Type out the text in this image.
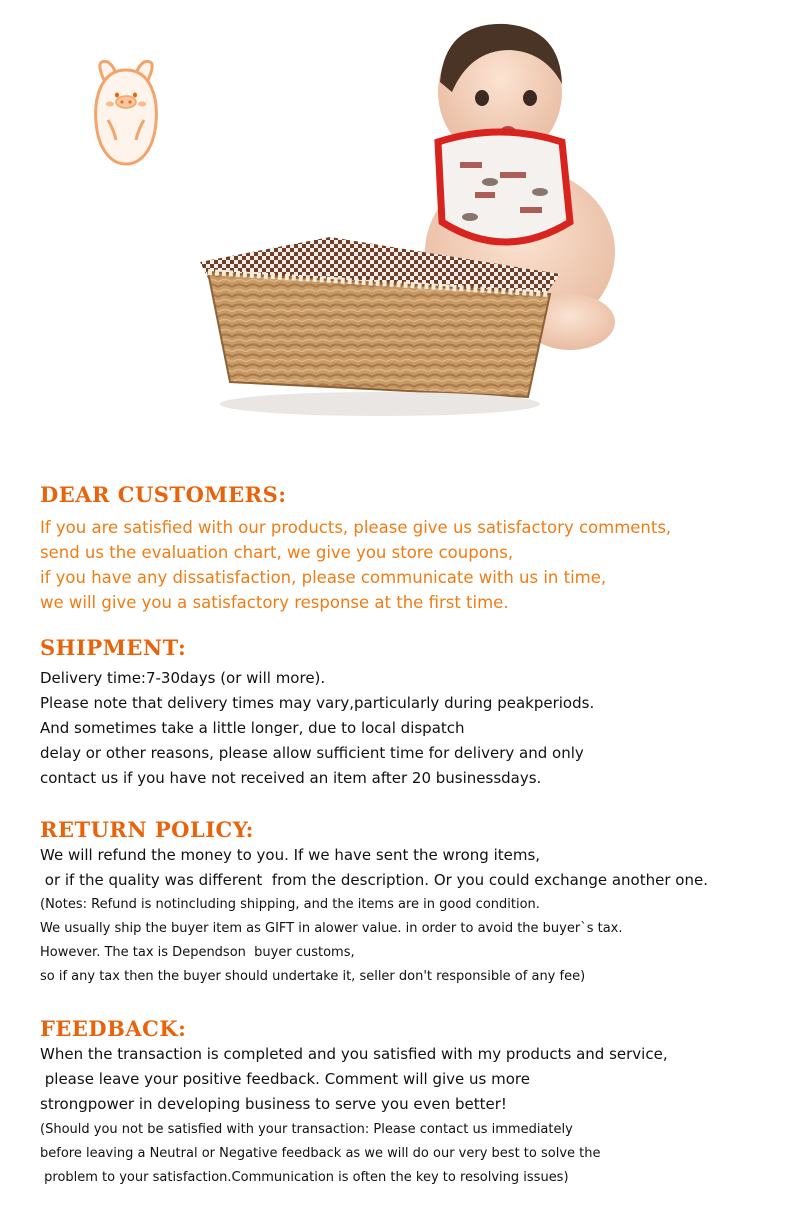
DEAR CUSTOMERS:
If you are satisfied with our products, please give us satisfactory comments,
send us the evaluation chart, we give you store coupons,
if you have any dissatisfaction, please communicate with us in time,
we will give you a satisfactory response at the first time.
SHIPMENT:
Delivery time:7-30days (or will more).
Please note that delivery times may vary,particularly during peakperiods.
And sometimes take a little longer, due to local dispatch
delay or other reasons, please allow sufficient time for delivery and only
contact us if you have not received an item after 20 businessdays.
RETURN POLICY:
We will refund the money to you. If we have sent the wrong items,
or if the quality was different  from the description. Or you could exchange another one.
(Notes: Refund is notincluding shipping, and the items are in good condition.
We usually ship the buyer item as GIFT in alower value. in order to avoid the buyer`s tax.
However. The tax is Dependson  buyer customs,
so if any tax then the buyer should undertake it, seller don't responsible of any fee)
FEEDBACK:
When the transaction is completed and you satisfied with my products and service,
please leave your positive feedback. Comment will give us more
strongpower in developing business to serve you even better!
(Should you not be satisfied with your transaction: Please contact us immediately
before leaving a Neutral or Negative feedback as we will do our very best to solve the
problem to your satisfaction.Communication is often the key to resolving issues)
